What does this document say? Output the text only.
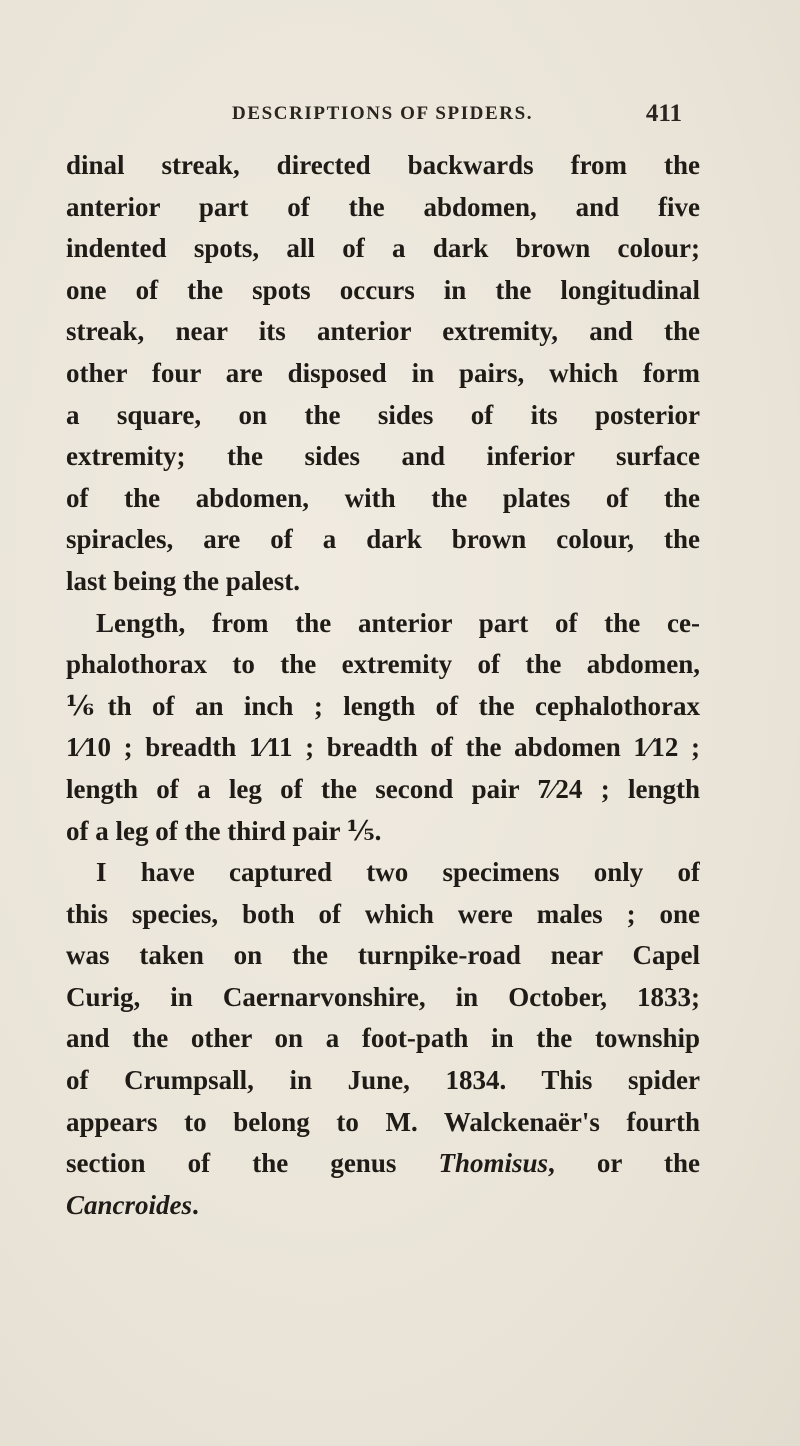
DESCRIPTIONS OF SPIDERS.	411
dinal streak, directed backwards from the
anterior part of the abdomen, and five
indented spots, all of a dark brown colour;
one of the spots occurs in the longitudinal
streak, near its anterior extremity, and the
other four are disposed in pairs, which form
a square, on the sides of its posterior
extremity; the sides and inferior surface
of the abdomen, with the plates of the
spiracles, are of a dark brown colour, the
last being the palest.
Length, from the anterior part of the ce-
phalothorax to the extremity of the abdomen,
⅙th of an inch ; length of the cephalothorax
1⁄10 ; breadth 1⁄11 ; breadth of the abdomen 1⁄12 ;
length of a leg of the second pair 7⁄24 ; length
of a leg of the third pair ⅕.
I have captured two specimens only of
this species, both of which were males ; one
was taken on the turnpike-road near Capel
Curig, in Caernarvonshire, in October, 1833;
and the other on a foot-path in the township
of Crumpsall, in June, 1834. This spider
appears to belong to M. Walckenaër's fourth
section of the genus Thomisus, or the
Cancroides.
